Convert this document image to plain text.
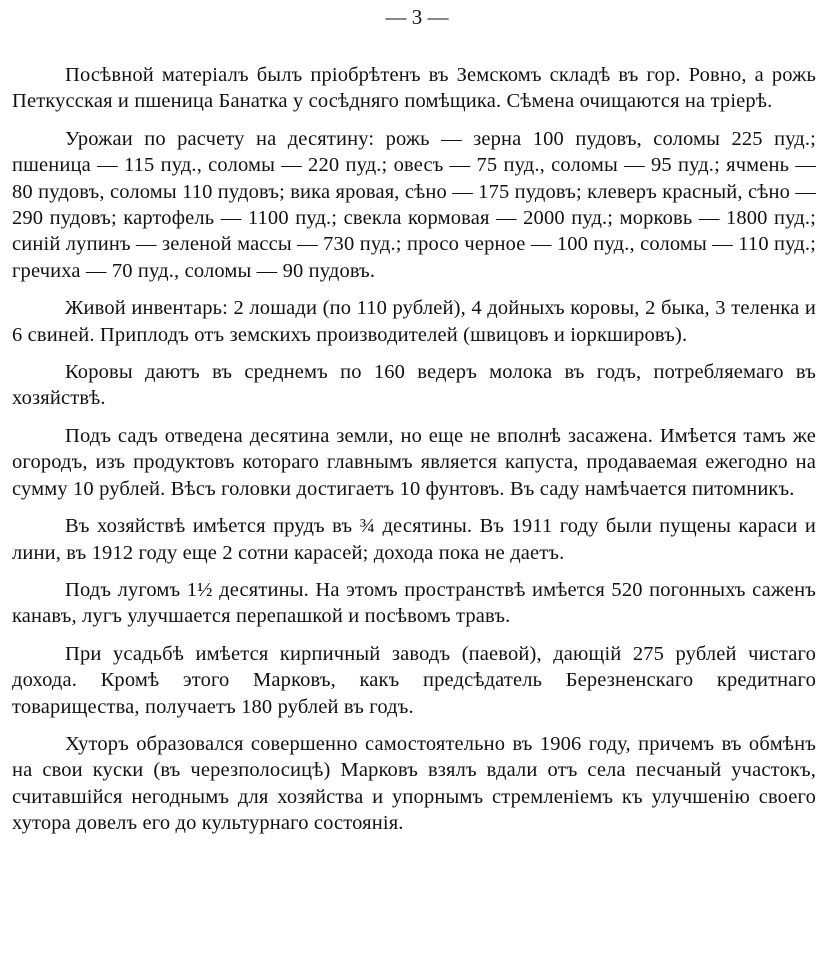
— 3 —

Посѣвной матеріалъ былъ пріобрѣтенъ въ Земскомъ складѣ въ гор. Ровно, а рожь Петкусская и пшеница Банатка у сосѣдняго помѣщика. Сѣмена очищаются на тріерѣ.

Урожаи по расчету на десятину: рожь — зерна 100 пудовъ, соломы 225 пуд.; пшеница — 115 пуд., соломы — 220 пуд.; овесъ — 75 пуд., соломы — 95 пуд.; ячмень — 80 пудовъ, соломы 110 пудовъ; вика яровая, сѣно — 175 пудовъ; клеверъ красный, сѣно — 290 пудовъ; картофель — 1100 пуд.; свекла кормовая — 2000 пуд.; морковь — 1800 пуд.; синій лупинъ — зеленой массы — 730 пуд.; просо черное — 100 пуд., соломы — 110 пуд.; гречиха — 70 пуд., соломы — 90 пудовъ.

Живой инвентарь: 2 лошади (по 110 рублей), 4 дойныхъ коровы, 2 быка, 3 теленка и 6 свиней. Приплодъ отъ земскихъ производителей (швицовъ и іоркшировъ).

Коровы даютъ въ среднемъ по 160 ведеръ молока въ годъ, потребляемаго въ хозяйствѣ.

Подъ садъ отведена десятина земли, но еще не вполнѣ засажена. Имѣется тамъ же огородъ, изъ продуктовъ котораго главнымъ является капуста, продаваемая ежегодно на сумму 10 рублей. Вѣсъ головки достигаетъ 10 фунтовъ. Въ саду намѣчается питомникъ.

Въ хозяйствѣ имѣется прудъ въ ¾ десятины. Въ 1911 году были пущены караси и лини, въ 1912 году еще 2 сотни карасей; дохода пока не даетъ.

Подъ лугомъ 1½ десятины. На этомъ пространствѣ имѣется 520 погонныхъ саженъ канавъ, лугъ улучшается перепашкой и посѣвомъ травъ.

При усадьбѣ имѣется кирпичный заводъ (паевой), дающій 275 рублей чистаго дохода. Кромѣ этого Марковъ, какъ предсѣдатель Березненскаго кредитнаго товарищества, получаетъ 180 рублей въ годъ.

Хуторъ образовался совершенно самостоятельно въ 1906 году, причемъ въ обмѣнъ на свои куски (въ черезполосицѣ) Марковъ взялъ вдали отъ села песчаный участокъ, считавшійся негоднымъ для хозяйства и упорнымъ стремленіемъ къ улучшенію своего хутора довелъ его до культурнаго состоянія.
